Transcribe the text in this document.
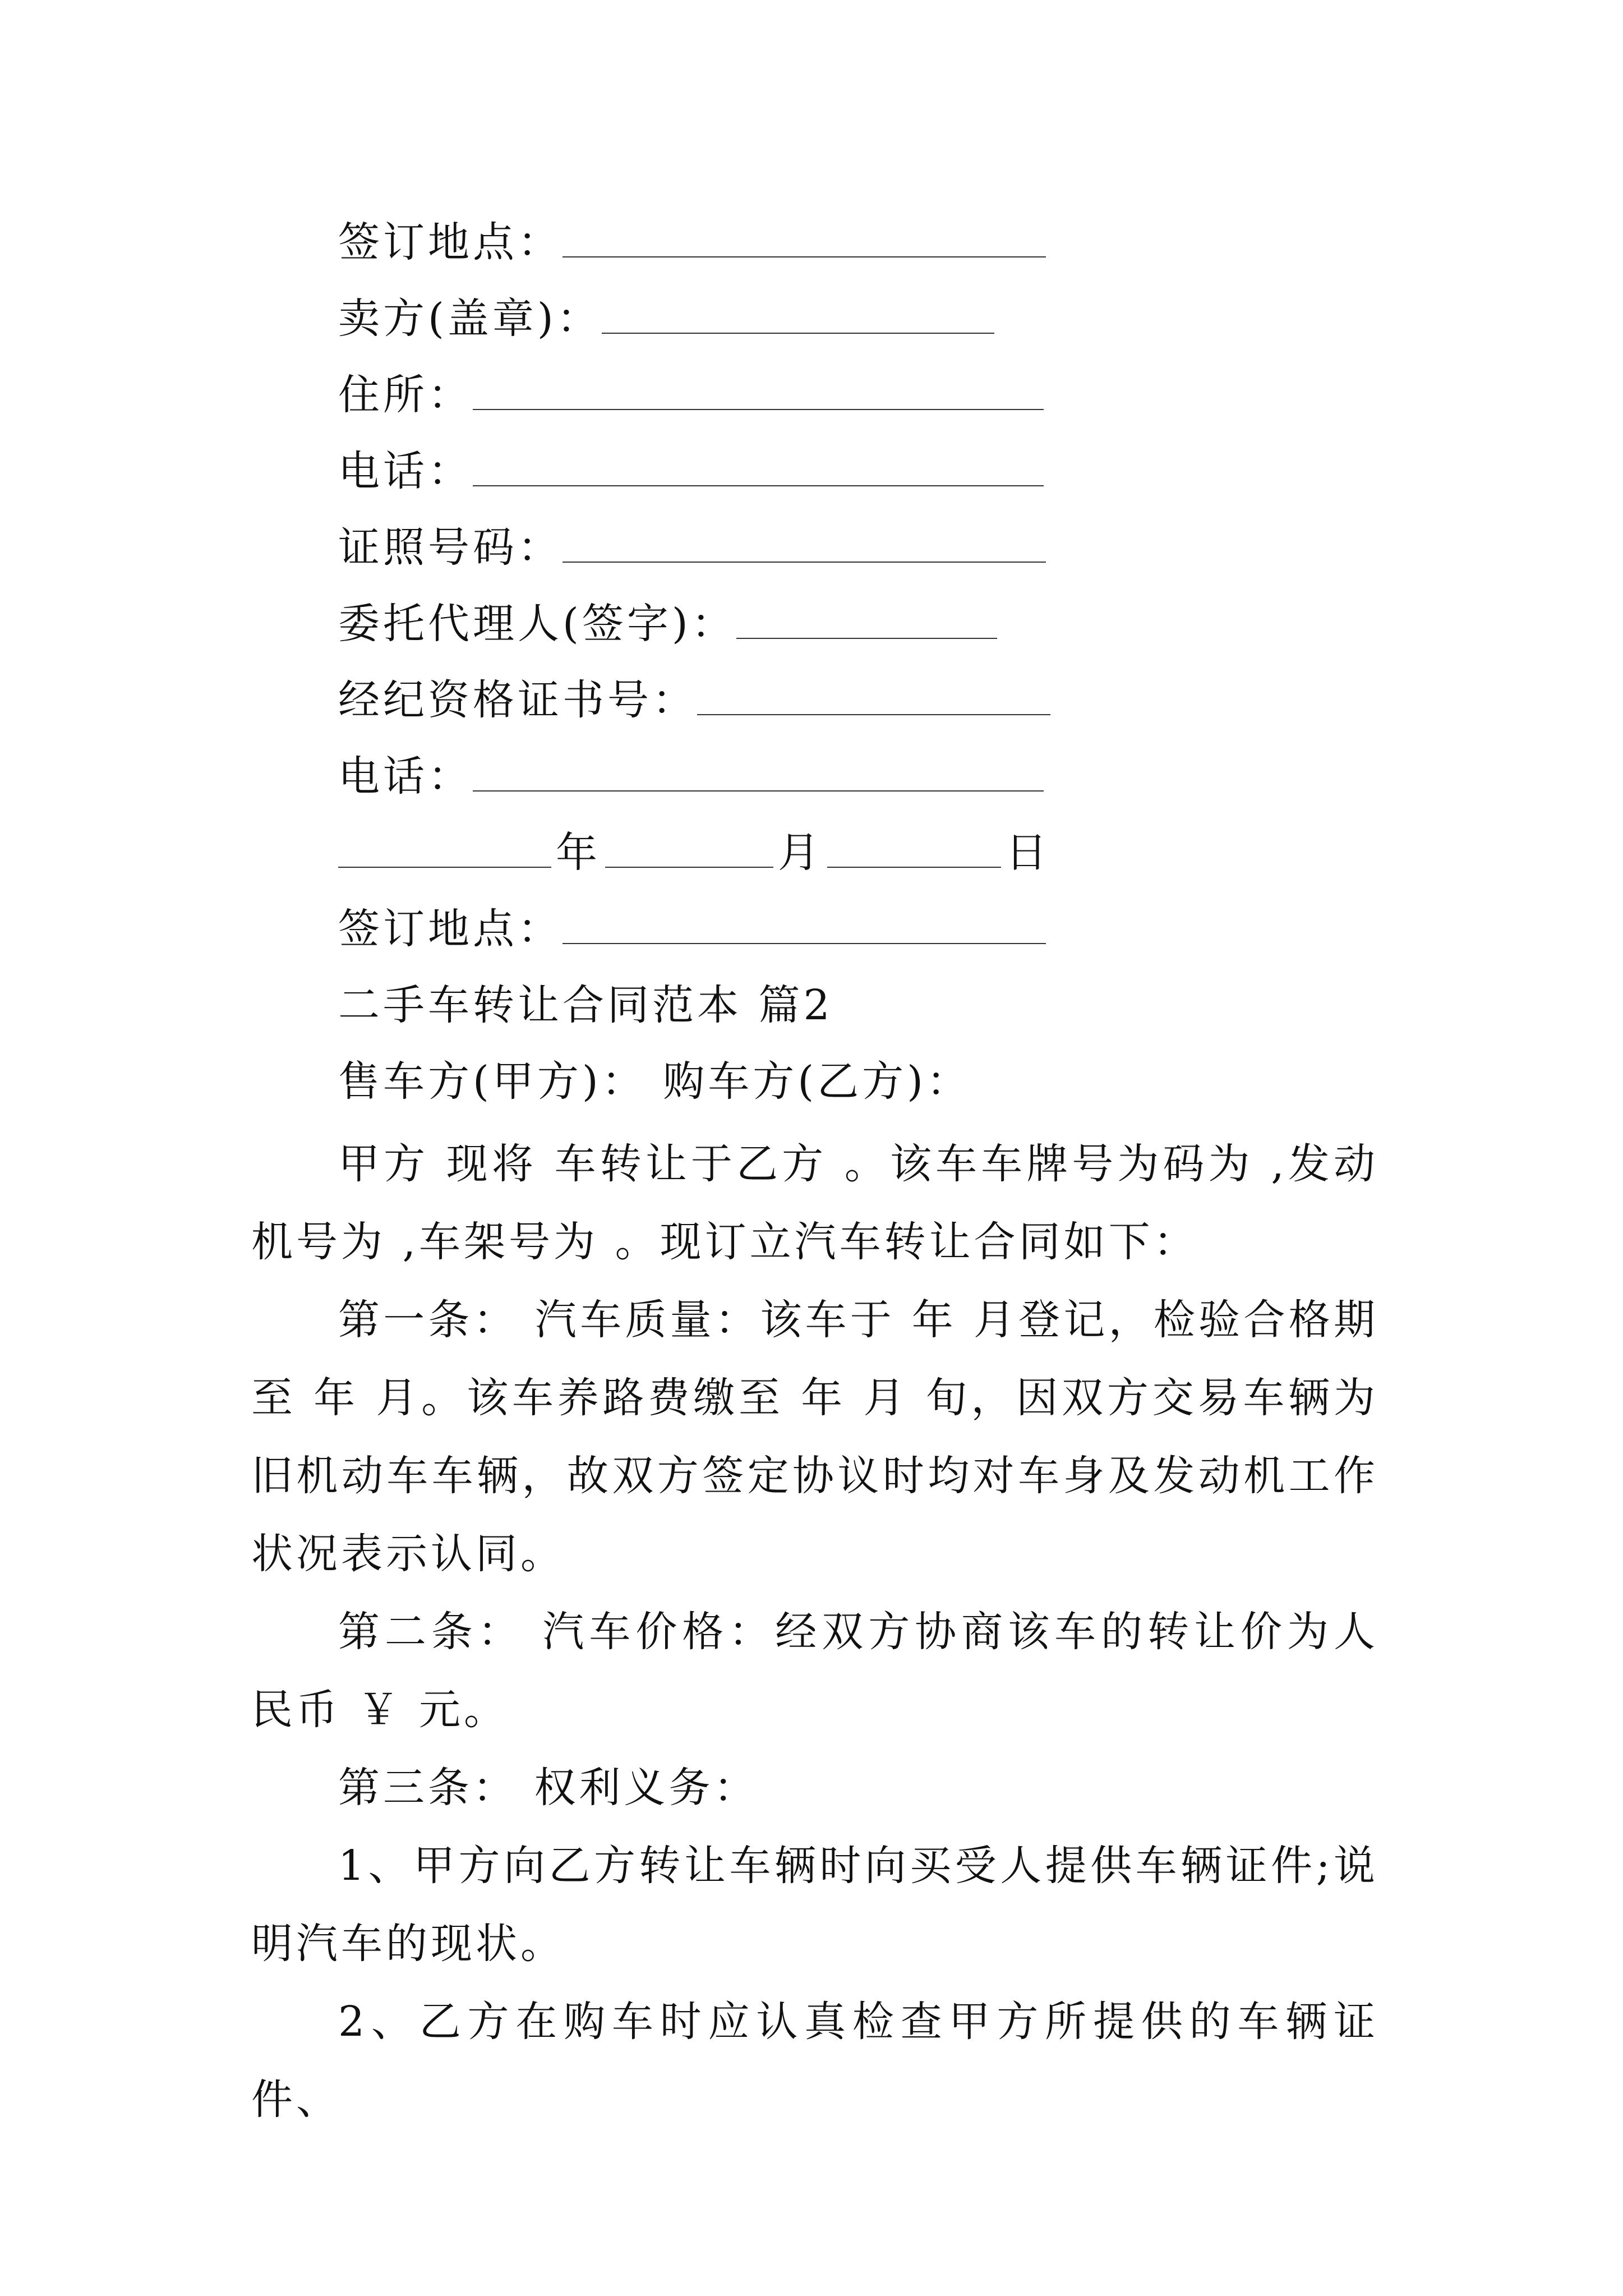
签订地点：
卖方(盖章)：
住所：
电话：
证照号码：
委托代理人(签字)：
经纪资格证书号：
电话：
年	月	日
签订地点：
二手车转让合同范本 篇2
售车方(甲方)： 购车方(乙方)：
甲方 现将 车转让于乙方 。该车车牌号为码为 ,发动机号为 ,车架号为 。现订立汽车转让合同如下：
第一条： 汽车质量：该车于 年 月登记，检验合格期至 年 月。该车养路费缴至 年 月 旬，因双方交易车辆为旧机动车车辆，故双方签定协议时均对车身及发动机工作状况表示认同。
第二条： 汽车价格：经双方协商该车的转让价为人民币 ￥ 元。
第三条： 权利义务：
1、甲方向乙方转让车辆时向买受人提供车辆证件;说明汽车的现状。
2、乙方在购车时应认真检查甲方所提供的车辆证件、
